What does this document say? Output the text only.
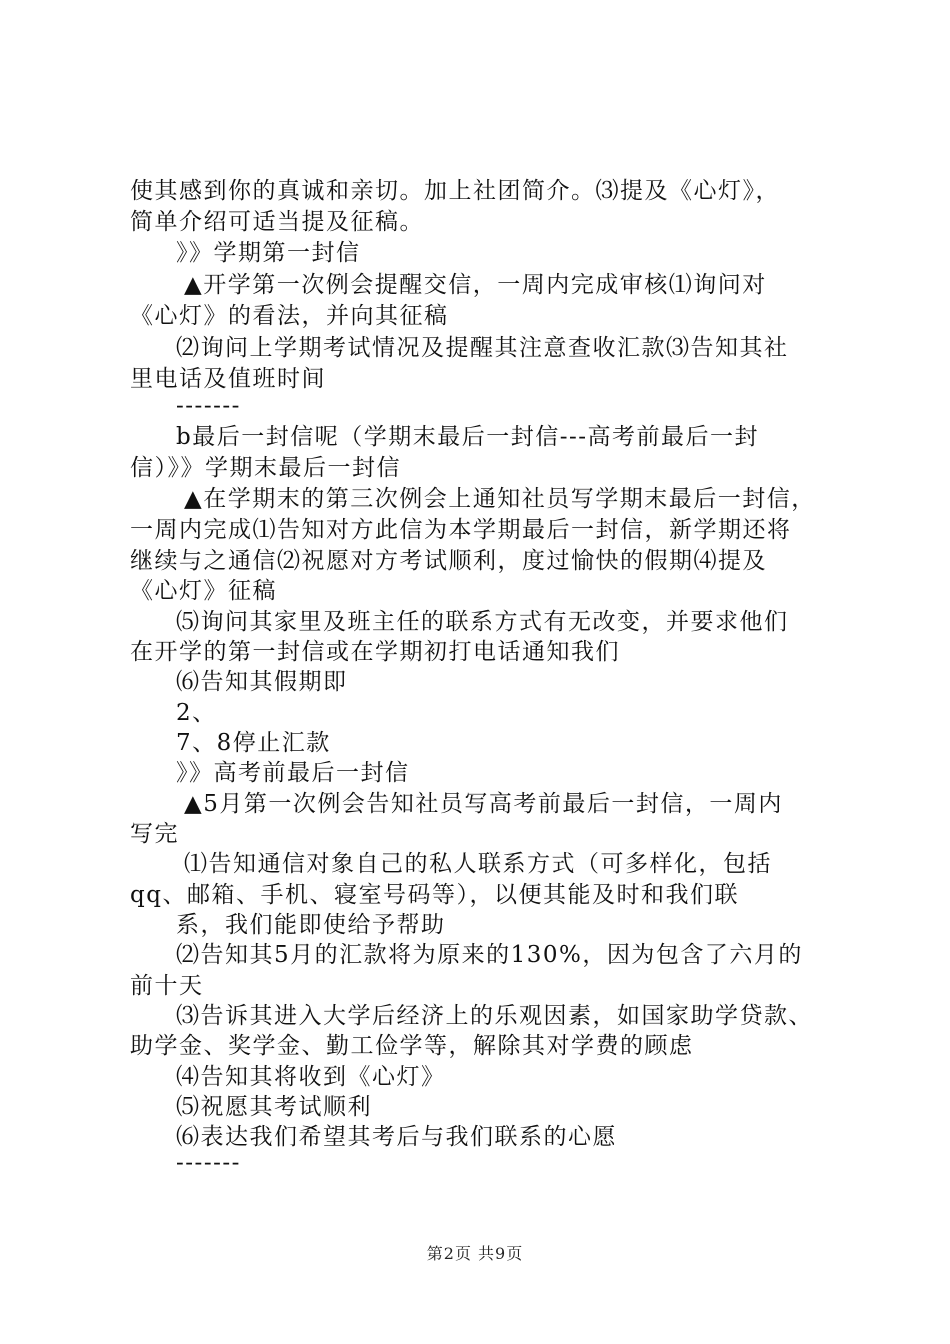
使其感到你的真诚和亲切。加上社团简介。⑶提及《心灯》，
简单介绍可适当提及征稿。
》》学期第一封信
▲开学第一次例会提醒交信，一周内完成审核⑴询问对
《心灯》的看法，并向其征稿
⑵询问上学期考试情况及提醒其注意查收汇款⑶告知其社
里电话及值班时间
-------
b最后一封信呢（学期末最后一封信---高考前最后一封
信）》》学期末最后一封信
▲在学期末的第三次例会上通知社员写学期末最后一封信，
一周内完成⑴告知对方此信为本学期最后一封信，新学期还将
继续与之通信⑵祝愿对方考试顺利，度过愉快的假期⑷提及
《心灯》征稿
⑸询问其家里及班主任的联系方式有无改变，并要求他们
在开学的第一封信或在学期初打电话通知我们
⑹告知其假期即
2、
7、8停止汇款
》》高考前最后一封信
▲5月第一次例会告知社员写高考前最后一封信，一周内
写完
⑴告知通信对象自己的私人联系方式（可多样化，包括
qq、邮箱、手机、寝室号码等），以便其能及时和我们联
系，我们能即使给予帮助
⑵告知其5月的汇款将为原来的130%，因为包含了六月的
前十天
⑶告诉其进入大学后经济上的乐观因素，如国家助学贷款、
助学金、奖学金、勤工俭学等，解除其对学费的顾虑
⑷告知其将收到《心灯》
⑸祝愿其考试顺利
⑹表达我们希望其考后与我们联系的心愿
-------
第2页 共9页
